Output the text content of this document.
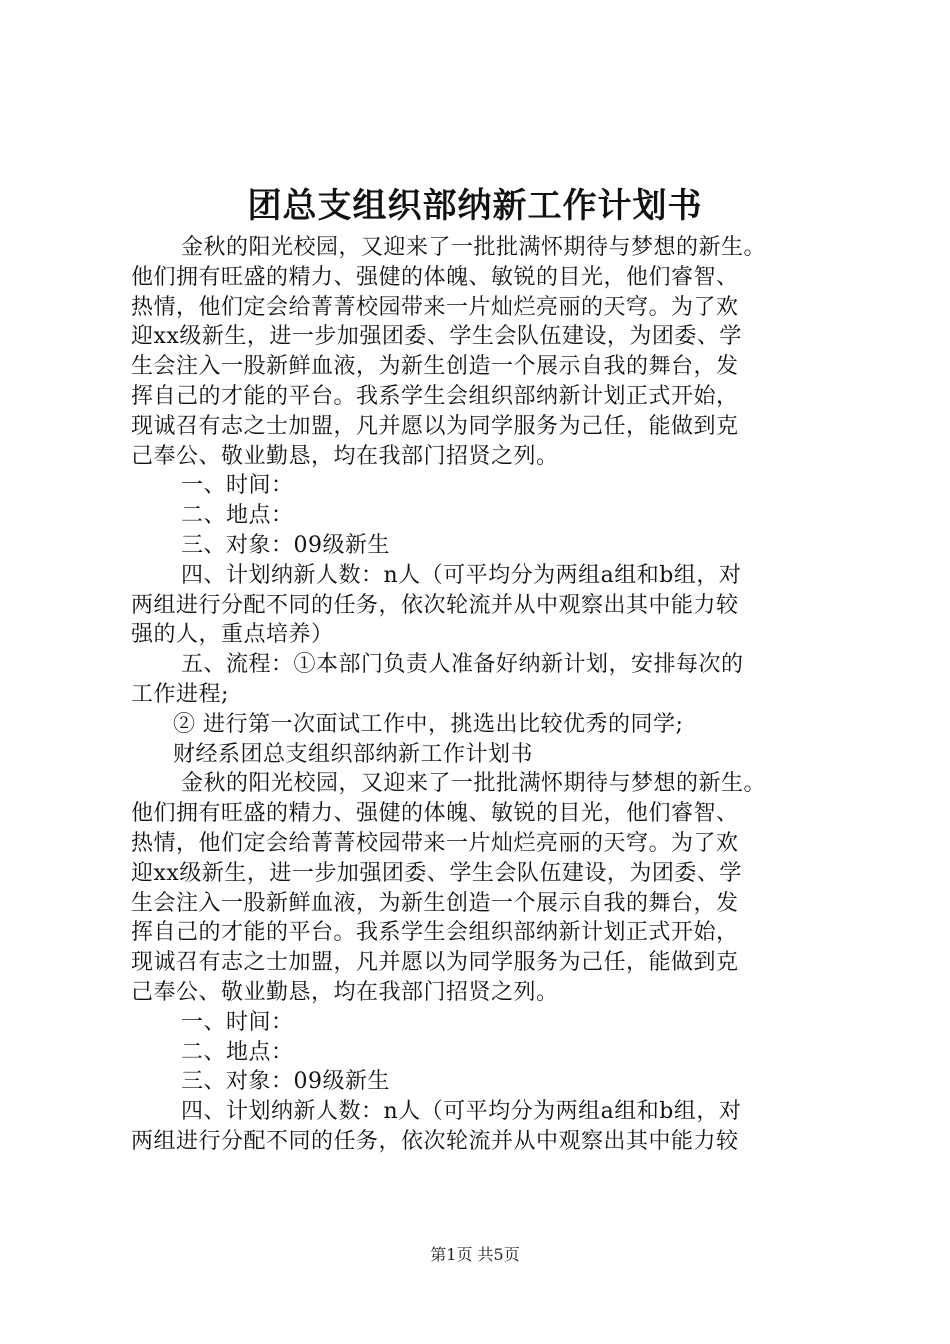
团总支组织部纳新工作计划书
金秋的阳光校园，又迎来了一批批满怀期待与梦想的新生。
他们拥有旺盛的精力、强健的体魄、敏锐的目光，他们睿智、
热情，他们定会给菁菁校园带来一片灿烂亮丽的天穹。为了欢
迎xx级新生，进一步加强团委、学生会队伍建设，为团委、学
生会注入一股新鲜血液，为新生创造一个展示自我的舞台，发
挥自己的才能的平台。我系学生会组织部纳新计划正式开始，
现诚召有志之士加盟，凡并愿以为同学服务为己任，能做到克
己奉公、敬业勤恳，均在我部门招贤之列。
一、时间：
二、地点：
三、对象：09级新生
四、计划纳新人数：n人（可平均分为两组a组和b组，对
两组进行分配不同的任务，依次轮流并从中观察出其中能力较
强的人，重点培养）
五、流程：①本部门负责人准备好纳新计划，安排每次的
工作进程;
② 进行第一次面试工作中，挑选出比较优秀的同学;
财经系团总支组织部纳新工作计划书
金秋的阳光校园，又迎来了一批批满怀期待与梦想的新生。
他们拥有旺盛的精力、强健的体魄、敏锐的目光，他们睿智、
热情，他们定会给菁菁校园带来一片灿烂亮丽的天穹。为了欢
迎xx级新生，进一步加强团委、学生会队伍建设，为团委、学
生会注入一股新鲜血液，为新生创造一个展示自我的舞台，发
挥自己的才能的平台。我系学生会组织部纳新计划正式开始，
现诚召有志之士加盟，凡并愿以为同学服务为己任，能做到克
己奉公、敬业勤恳，均在我部门招贤之列。
一、时间：
二、地点：
三、对象：09级新生
四、计划纳新人数：n人（可平均分为两组a组和b组，对
两组进行分配不同的任务，依次轮流并从中观察出其中能力较
第1页 共5页
